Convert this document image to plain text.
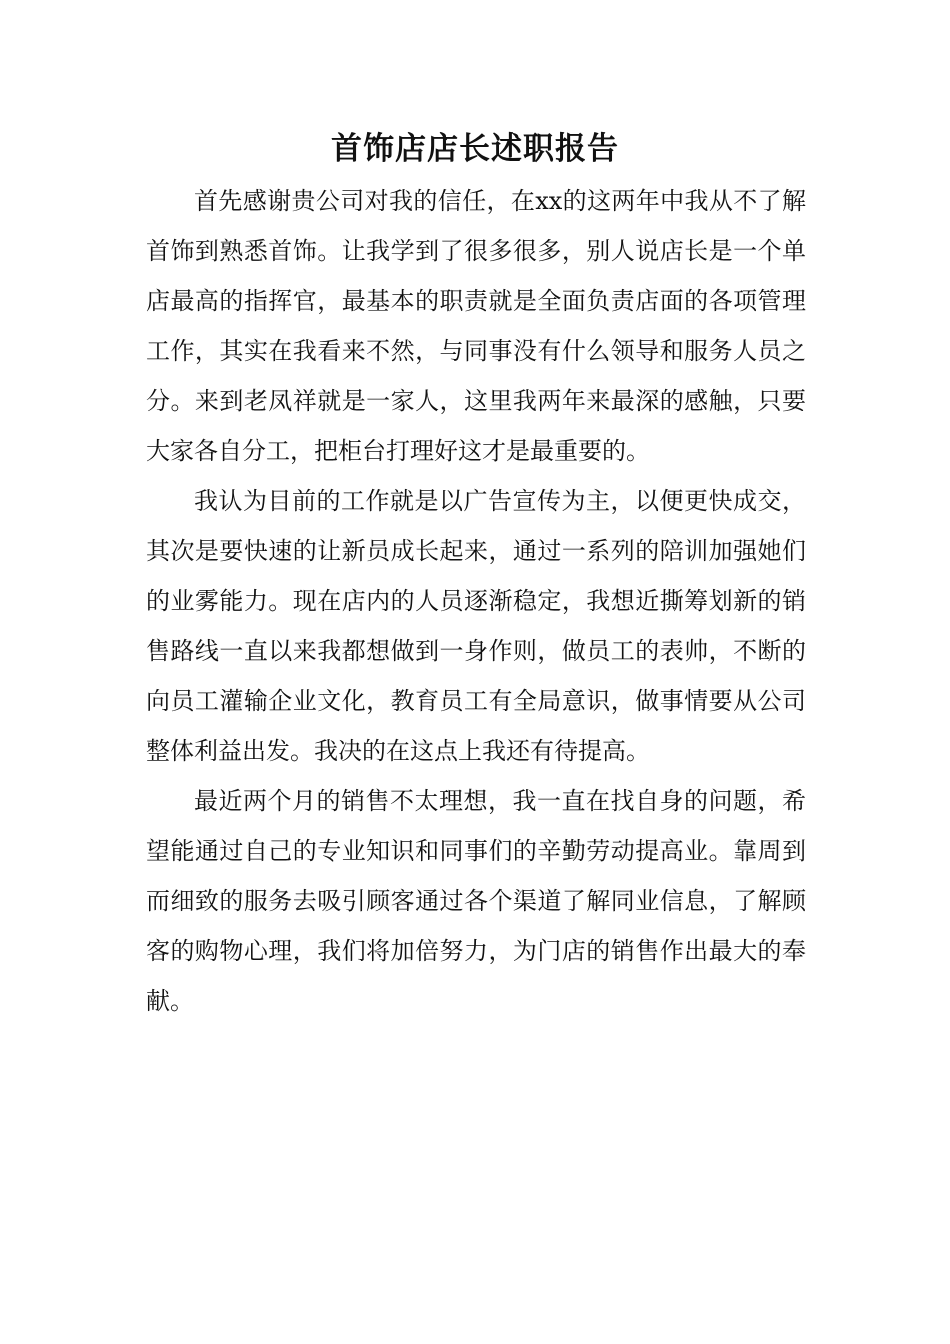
首饰店店长述职报告

首先感谢贵公司对我的信任，在xx的这两年中我从不了解首饰到熟悉首饰。让我学到了很多很多，别人说店长是一个单店最高的指挥官，最基本的职责就是全面负责店面的各项管理工作，其实在我看来不然，与同事没有什么领导和服务人员之分。来到老凤祥就是一家人，这里我两年来最深的感触，只要大家各自分工，把柜台打理好这才是最重要的。

我认为目前的工作就是以广告宣传为主，以便更快成交，其次是要快速的让新员成长起来，通过一系列的陪训加强她们的业雾能力。现在店内的人员逐渐稳定，我想近撕筹划新的销售路线一直以来我都想做到一身作则，做员工的表帅，不断的向员工灌输企业文化，教育员工有全局意识，做事情要从公司整体利益出发。我决的在这点上我还有待提高。

最近两个月的销售不太理想，我一直在找自身的问题，希望能通过自己的专业知识和同事们的辛勤劳动提高业。靠周到而细致的服务去吸引顾客通过各个渠道了解同业信息，了解顾客的购物心理，我们将加倍努力，为门店的销售作出最大的奉献。
